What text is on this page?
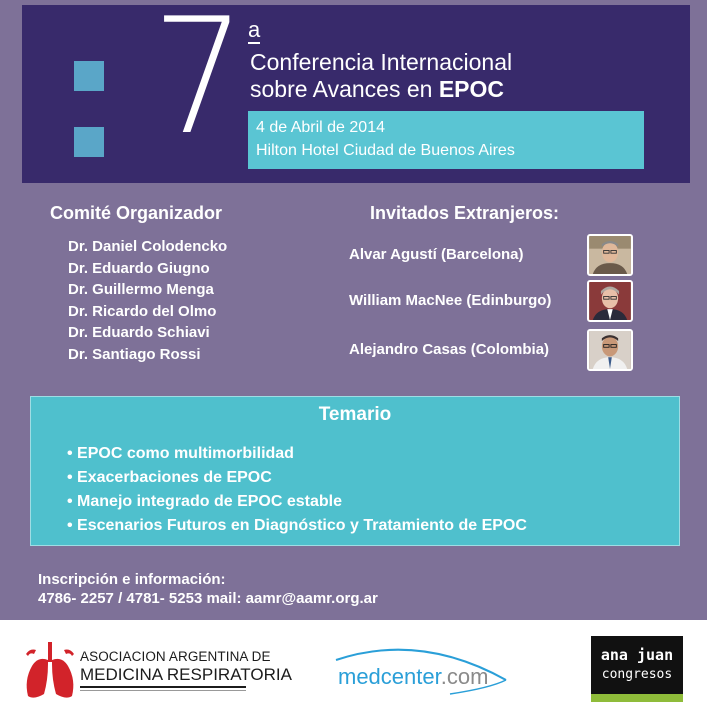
7 a
Conferencia Internacional
sobre Avances en EPOC
4 de Abril de 2014
Hilton Hotel Ciudad de Buenos Aires
Comité Organizador
Dr. Daniel Colodencko
Dr. Eduardo Giugno
Dr. Guillermo Menga
Dr. Ricardo del Olmo
Dr. Eduardo Schiavi
Dr. Santiago Rossi
Invitados Extranjeros:
Alvar Agustí (Barcelona)
William MacNee (Edinburgo)
Alejandro Casas (Colombia)
Temario
• EPOC como multimorbilidad
• Exacerbaciones de EPOC
• Manejo integrado de EPOC estable
• Escenarios Futuros en Diagnóstico y Tratamiento de EPOC
Inscripción e información:
4786- 2257 / 4781- 5253 mail: aamr@aamr.org.ar
ASOCIACION ARGENTINA DE
MEDICINA RESPIRATORIA medcenter.com
ana juan
congresos
